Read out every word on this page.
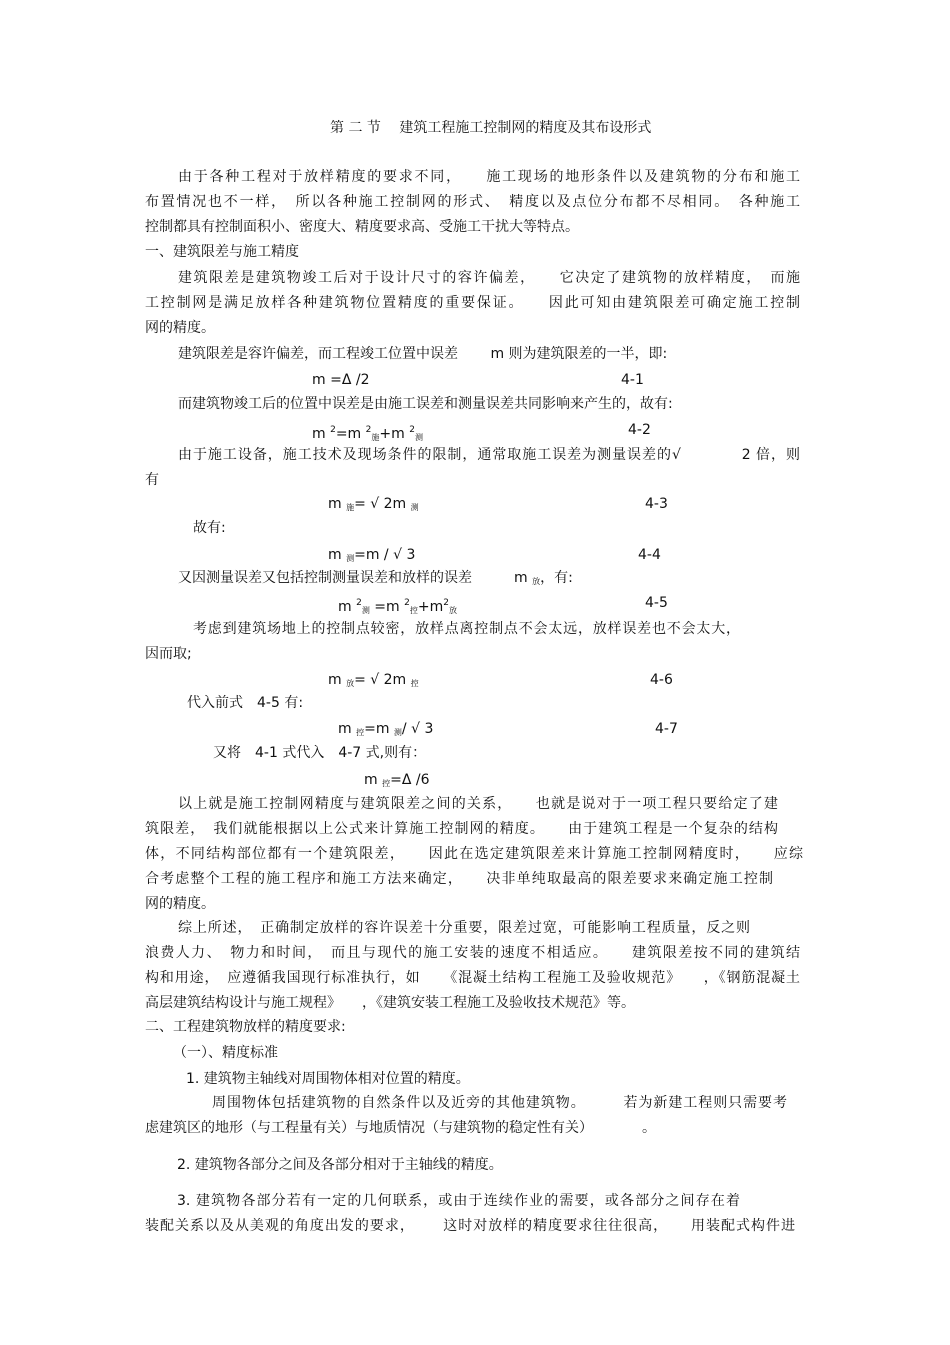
第 二 节　 建筑工程施工控制网的精度及其布设形式
由于各种工程对于放样精度的要求不同，　　施工现场的地形条件以及建筑物的分布和施工
布置情况也不一样，　所以各种施工控制网的形式、　精度以及点位分布都不尽相同。　各种施工
控制都具有控制面积小、密度大、精度要求高、受施工干扰大等特点。
一、建筑限差与施工精度
建筑限差是建筑物竣工后对于设计尺寸的容许偏差，　　它决定了建筑物的放样精度，　而施
工控制网是满足放样各种建筑物位置精度的重要保证。　　因此可知由建筑限差可确定施工控制
网的精度。
建筑限差是容许偏差，而工程竣工位置中误差　　 m 则为建筑限差的一半，即:
m =Δ /2	4-1
而建筑物竣工后的位置中误差是由施工误差和测量误差共同影响来产生的，故有:
m $^2$=m $^2$施+m $^2$测	4-2
由于施工设备，施工技术及现场条件的限制，通常取施工误差为测量误差的√　　　　2 倍，则
有
m 施= √ 2m 测	4-3
故有:
m 测=m / √ 3	4-4
又因测量误差又包括控制测量误差和放样的误差　　　m 放，有:
m $^2$测 =m $^2$控$+m^2$放	4-5
考虑到建筑场地上的控制点较密，放样点离控制点不会太远，放样误差也不会太大，
因而取;
m 放= √ 2m 控	4-6
代入前式　4-5 有:
m 控=m 测/ √ 3	4-7
又将　4-1 式代入　4-7 式,则有：
m 控=Δ /6
以上就是施工控制网精度与建筑限差之间的关系，　　也就是说对于一项工程只要给定了建
筑限差，　我们就能根据以上公式来计算施工控制网的精度。　　由于建筑工程是一个复杂的结构
体，不同结构部位都有一个建筑限差，　　因此在选定建筑限差来计算施工控制网精度时，　　应综
合考虑整个工程的施工程序和施工方法来确定，　　决非单纯取最高的限差要求来确定施工控制
网的精度。
综上所述，　正确制定放样的容许误差十分重要，限差过宽，可能影响工程质量，反之则
浪费人力、　物力和时间，　而且与现代的施工安装的速度不相适应。　　建筑限差按不同的建筑结
构和用途，　应遵循我国现行标准执行，如　　《混凝土结构工程施工及验收规范》　　，《钢筋混凝土
高层建筑结构设计与施工规程》　　，《建筑安装工程施工及验收技术规范》等。
二、工程建筑物放样的精度要求:
（一）、精度标准
1. 建筑物主轴线对周围物体相对位置的精度。
周围物体包括建筑物的自然条件以及近旁的其他建筑物。　　　若为新建工程则只需要考
虑建筑区的地形（与工程量有关）与地质情况（与建筑物的稳定性有关）　　　　。
2. 建筑物各部分之间及各部分相对于主轴线的精度。
3. 建筑物各部分若有一定的几何联系，或由于连续作业的需要，或各部分之间存在着
装配关系以及从美观的角度出发的要求，　　 这时对放样的精度要求往往很高，　　用装配式构件进
